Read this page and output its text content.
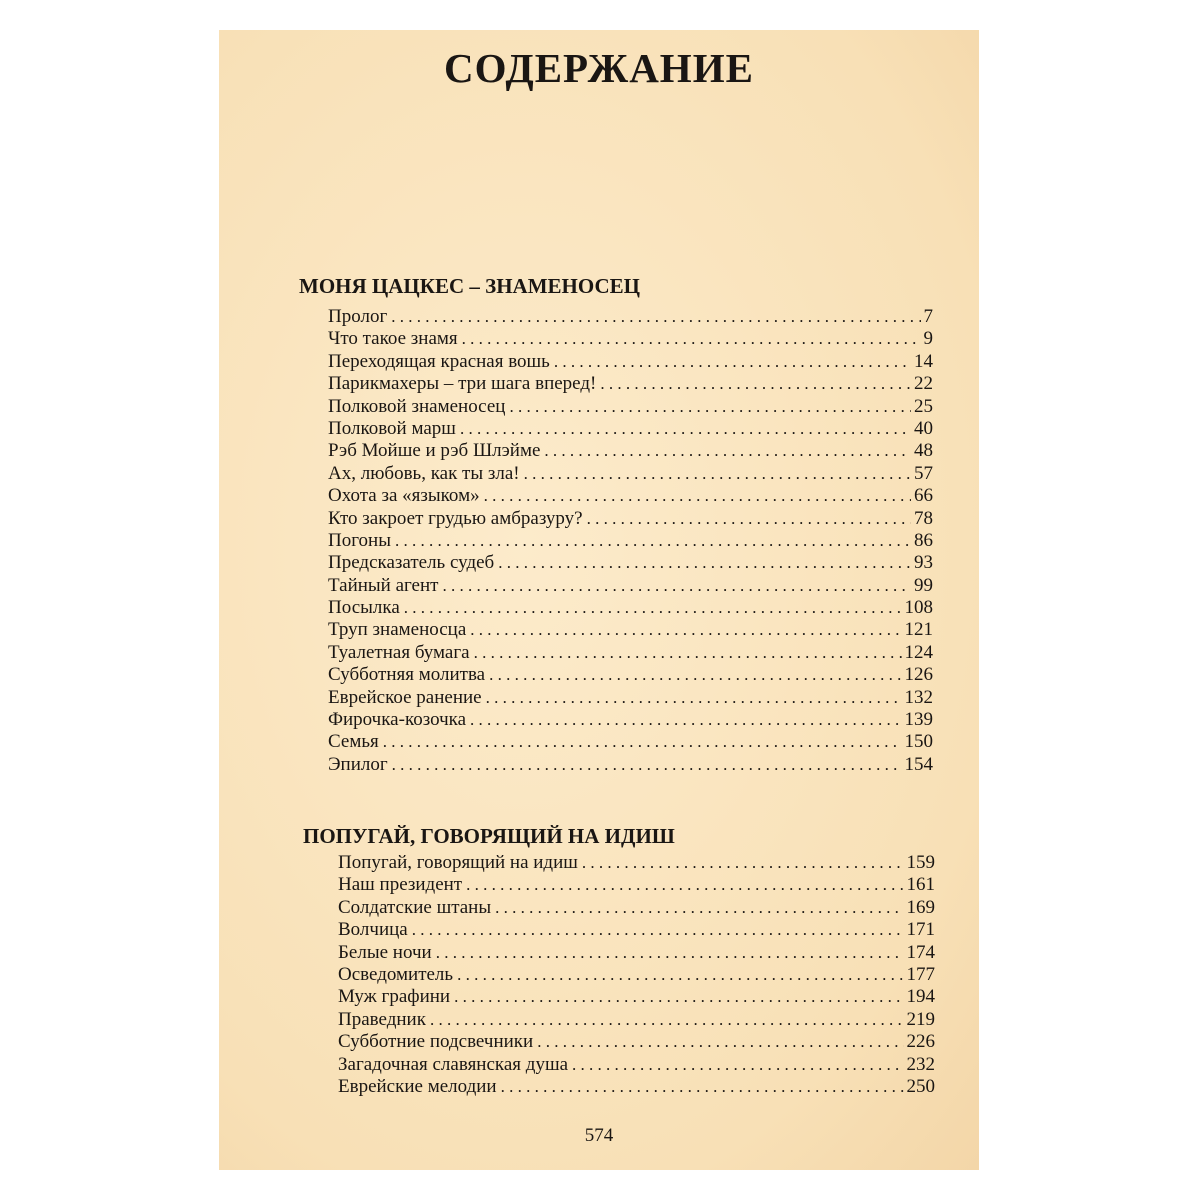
СОДЕРЖАНИЕ
МОНЯ ЦАЦКЕС – ЗНАМЕНОСЕЦ
Пролог . . .	7
Что такое знамя . . .	9
Переходящая красная вошь . . .	14
Парикмахеры – три шага вперед! . . .	22
Полковой знаменосец . . .	25
Полковой марш . . .	40
Рэб Мойше и рэб Шлэйме . . .	48
Ах, любовь, как ты зла! . . .	57
Охота за «языком» . . .	66
Кто закроет грудью амбразуру? . . .	78
Погоны . . .	86
Предсказатель судеб . . .	93
Тайный агент . . .	99
Посылка . . .	108
Труп знаменосца . . .	121
Туалетная бумага . . .	124
Субботняя молитва . . .	126
Еврейское ранение . . .	132
Фирочка-козочка . . .	139
Семья . . .	150
Эпилог . . .	154
ПОПУГАЙ, ГОВОРЯЩИЙ НА ИДИШ
Попугай, говорящий на идиш . . .	159
Наш президент . . .	161
Солдатские штаны . . .	169
Волчица . . .	171
Белые ночи . . .	174
Осведомитель . . .	177
Муж графини . . .	194
Праведник . . .	219
Субботние подсвечники . . .	226
Загадочная славянская душа . . .	232
Еврейские мелодии . . .	250
574
